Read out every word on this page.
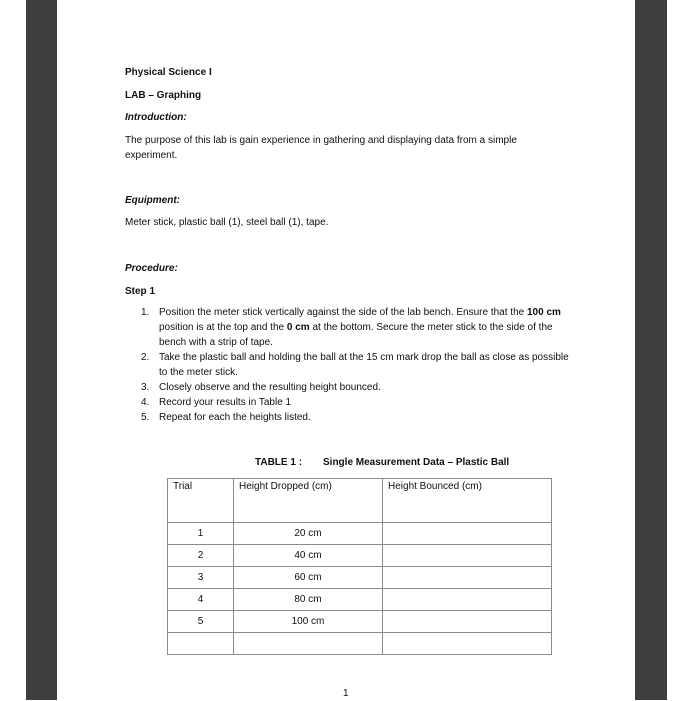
Physical Science I
LAB – Graphing
Introduction:
The purpose of this lab is gain experience in gathering and displaying data from a simple experiment.
Equipment:
Meter stick, plastic ball (1), steel ball (1), tape.
Procedure:
Step 1
1. Position the meter stick vertically against the side of the lab bench. Ensure that the 100 cm position is at the top and the 0 cm at the bottom. Secure the meter stick to the side of the bench with a strip of tape.
2. Take the plastic ball and holding the ball at the 15 cm mark drop the ball as close as possible to the meter stick.
3. Closely observe and the resulting height bounced.
4. Record your results in Table 1
5. Repeat for each the heights listed.
TABLE 1 : Single Measurement Data – Plastic Ball
Trial	Height Dropped (cm)	Height Bounced (cm)

1	20 cm	
2	40 cm	
3	60 cm	
4	80 cm	
5	100 cm	

1
